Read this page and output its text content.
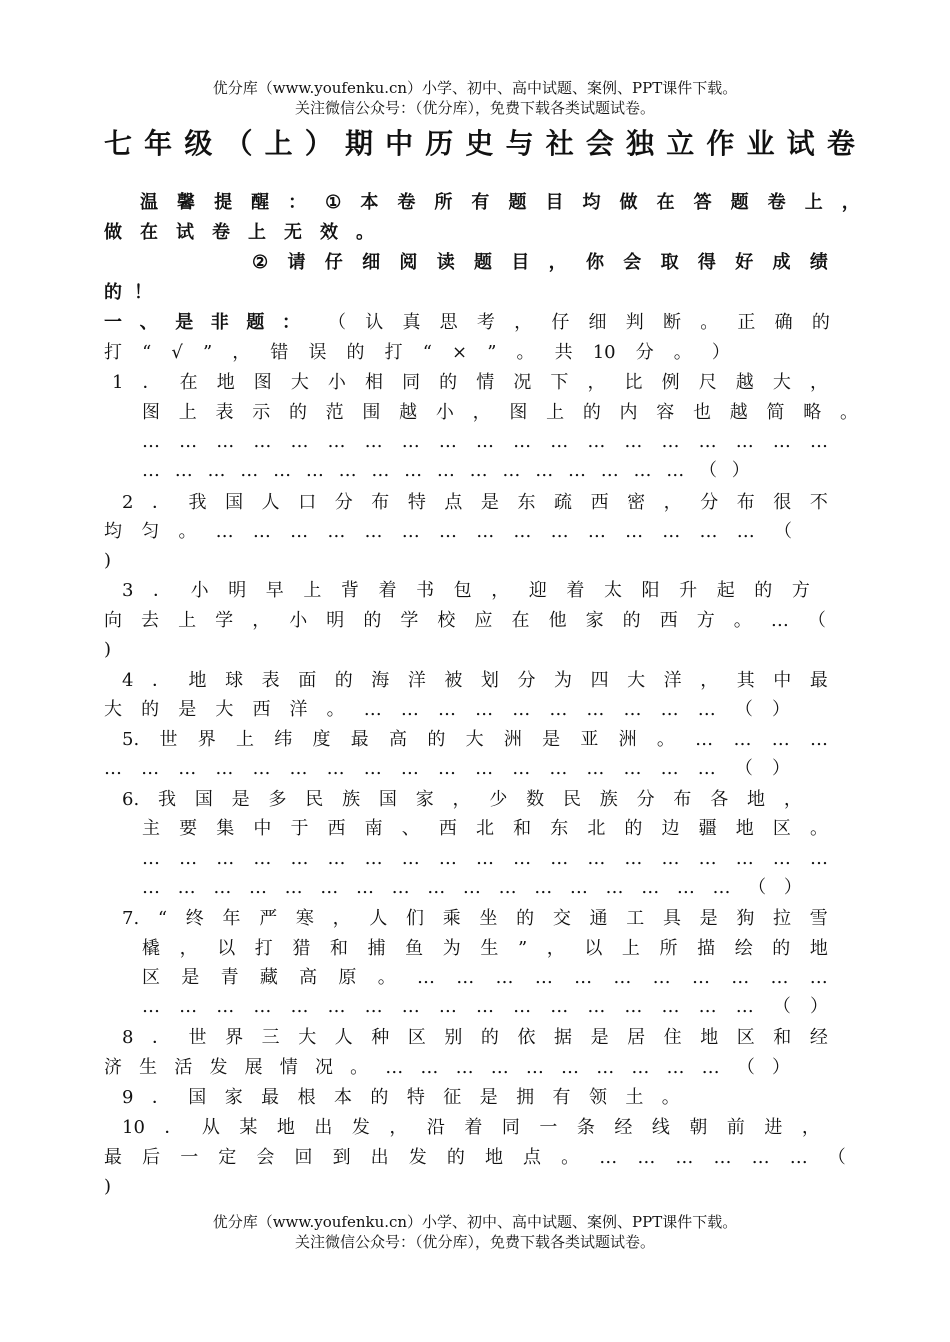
优分库（www.youfenku.cn）小学、初中、高中试题、案例、PPT课件下载。
关注微信公众号：（优分库），免费下载各类试题试卷。
七 年 级 （ 上 ） 期 中 历 史 与 社 会 独 立 作 业 试 卷
温 馨 提 醒 ： ① 本 卷 所 有 题 目 均 做 在 答 题 卷 上 ，
做 在 试 卷 上 无 效 。
② 请 仔 细 阅 读 题 目 ， 你 会 取 得 好 成 绩
的 ！
一 、 是 非 题 ： （ 认 真 思 考 ， 仔 细 判 断 。 正 确 的
打 “ √ ” ， 错 误 的 打 “ × ” 。 共 10 分 。 ）
1 ． 在 地 图 大 小 相 同 的 情 况 下 ， 比 例 尺 越 大 ，
图 上 表 示 的 范 围 越 小 ， 图 上 的 内 容 也 越 简 略 。
… … … … … … … … … … … … … … … … … … …
… … … … … … … … … … … … … … … … … （ ）
2 ． 我 国 人 口 分 布 特 点 是 东 疏 西 密 ， 分 布 很 不
均 匀 。 … … … … … … … … … … … … … … … （
)
3 ． 小 明 早 上 背 着 书 包 ， 迎 着 太 阳 升 起 的 方
向 去 上 学 ， 小 明 的 学 校 应 在 他 家 的 西 方 。 … （
)
4 ． 地 球 表 面 的 海 洋 被 划 分 为 四 大 洋 ， 其 中 最
大 的 是 大 西 洋 。 … … … … … … … … … … （ ）
5. 世 界 上 纬 度 最 高 的 大 洲 是 亚 洲 。 … … … …
… … … … … … … … … … … … … … … … … （ ）
6. 我 国 是 多 民 族 国 家 ， 少 数 民 族 分 布 各 地 ，
主 要 集 中 于 西 南 、 西 北 和 东 北 的 边 疆 地 区 。
… … … … … … … … … … … … … … … … … … …
… … … … … … … … … … … … … … … … … （ ）
7. “ 终 年 严 寒 ， 人 们 乘 坐 的 交 通 工 具 是 狗 拉 雪
橇 ， 以 打 猎 和 捕 鱼 为 生 ” ， 以 上 所 描 绘 的 地
区 是 青 藏 高 原 。 … … … … … … … … … … …
… … … … … … … … … … … … … … … … … （ ）
8 ． 世 界 三 大 人 种 区 别 的 依 据 是 居 住 地 区 和 经
济 生 活 发 展 情 况 。 … … … … … … … … … … （ ）
9 ． 国 家 最 根 本 的 特 征 是 拥 有 领 土 。
10 ． 从 某 地 出 发 ， 沿 着 同 一 条 经 线 朝 前 进 ，
最 后 一 定 会 回 到 出 发 的 地 点 。 … … … … … … （
)
优分库（www.youfenku.cn）小学、初中、高中试题、案例、PPT课件下载。
关注微信公众号：（优分库），免费下载各类试题试卷。
